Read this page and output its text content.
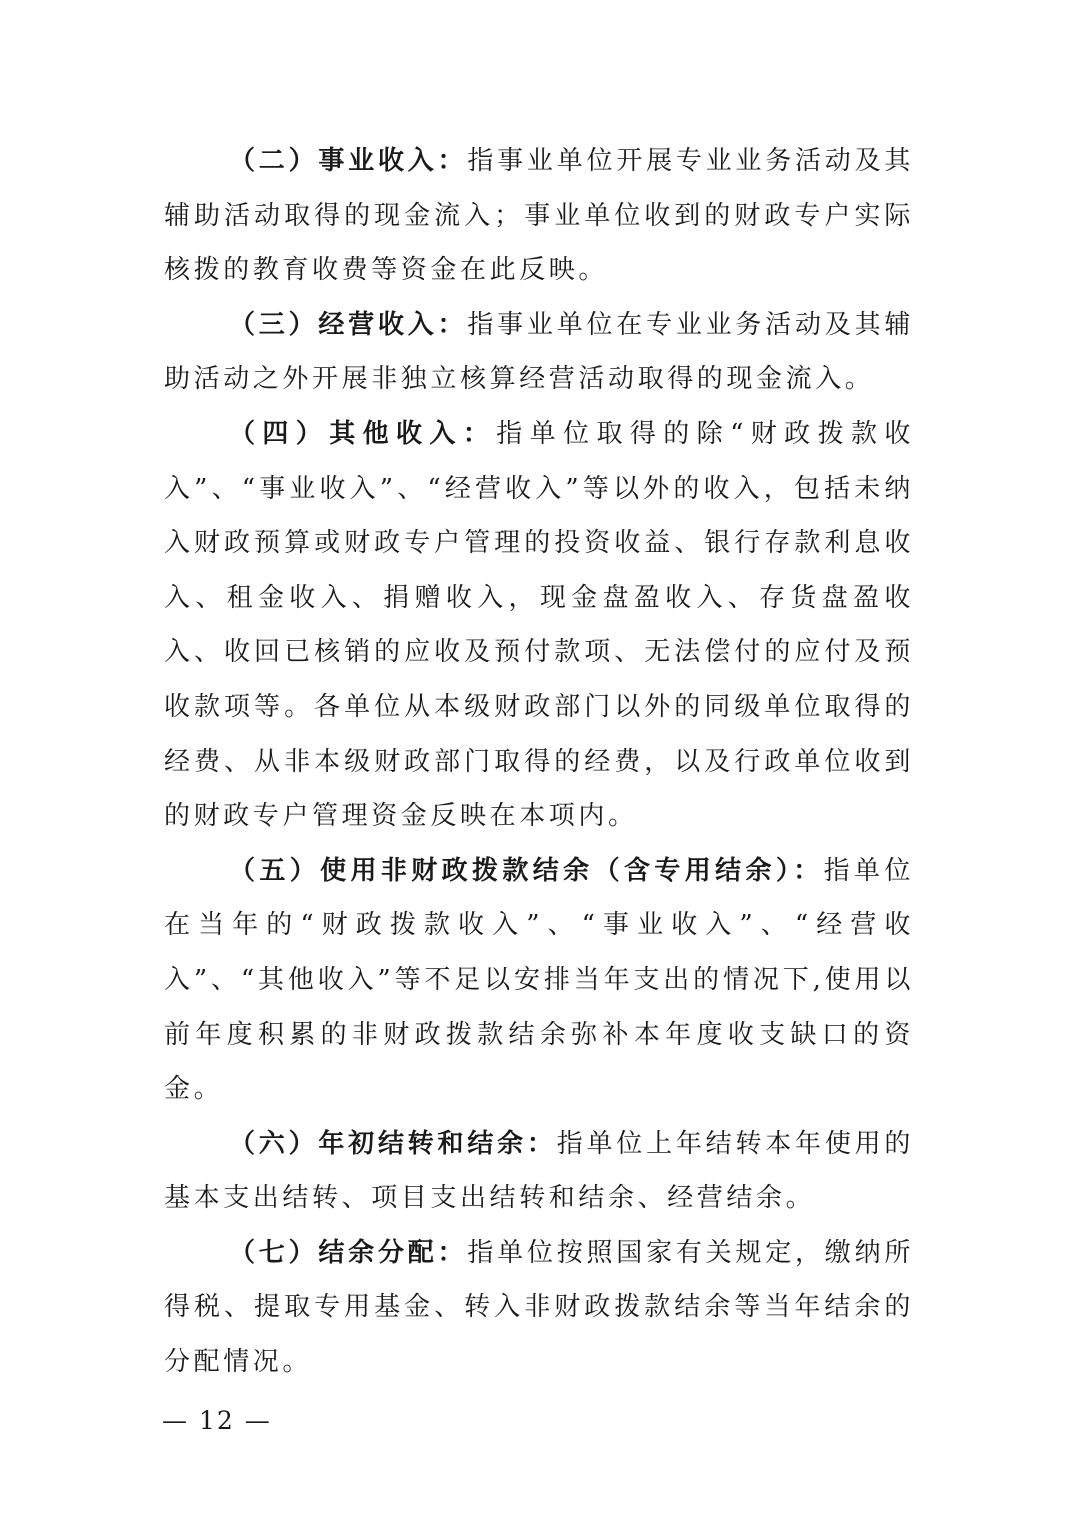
（二）事业收入：指事业单位开展专业业务活动及其辅助活动取得的现金流入；事业单位收到的财政专户实际核拨的教育收费等资金在此反映。

（三）经营收入：指事业单位在专业业务活动及其辅助活动之外开展非独立核算经营活动取得的现金流入。

（四）其他收入：指单位取得的除“财政拨款收入”、“事业收入”、“经营收入”等以外的收入，包括未纳入财政预算或财政专户管理的投资收益、银行存款利息收入、租金收入、捐赠收入，现金盘盈收入、存货盘盈收入、收回已核销的应收及预付款项、无法偿付的应付及预收款项等。各单位从本级财政部门以外的同级单位取得的经费、从非本级财政部门取得的经费，以及行政单位收到的财政专户管理资金反映在本项内。

（五）使用非财政拨款结余（含专用结余）：指单位在当年的“财政拨款收入”、“事业收入”、“经营收入”、“其他收入”等不足以安排当年支出的情况下,使用以前年度积累的非财政拨款结余弥补本年度收支缺口的资金。

（六）年初结转和结余：指单位上年结转本年使用的基本支出结转、项目支出结转和结余、经营结余。

（七）结余分配：指单位按照国家有关规定，缴纳所得税、提取专用基金、转入非财政拨款结余等当年结余的分配情况。

— 12 —
